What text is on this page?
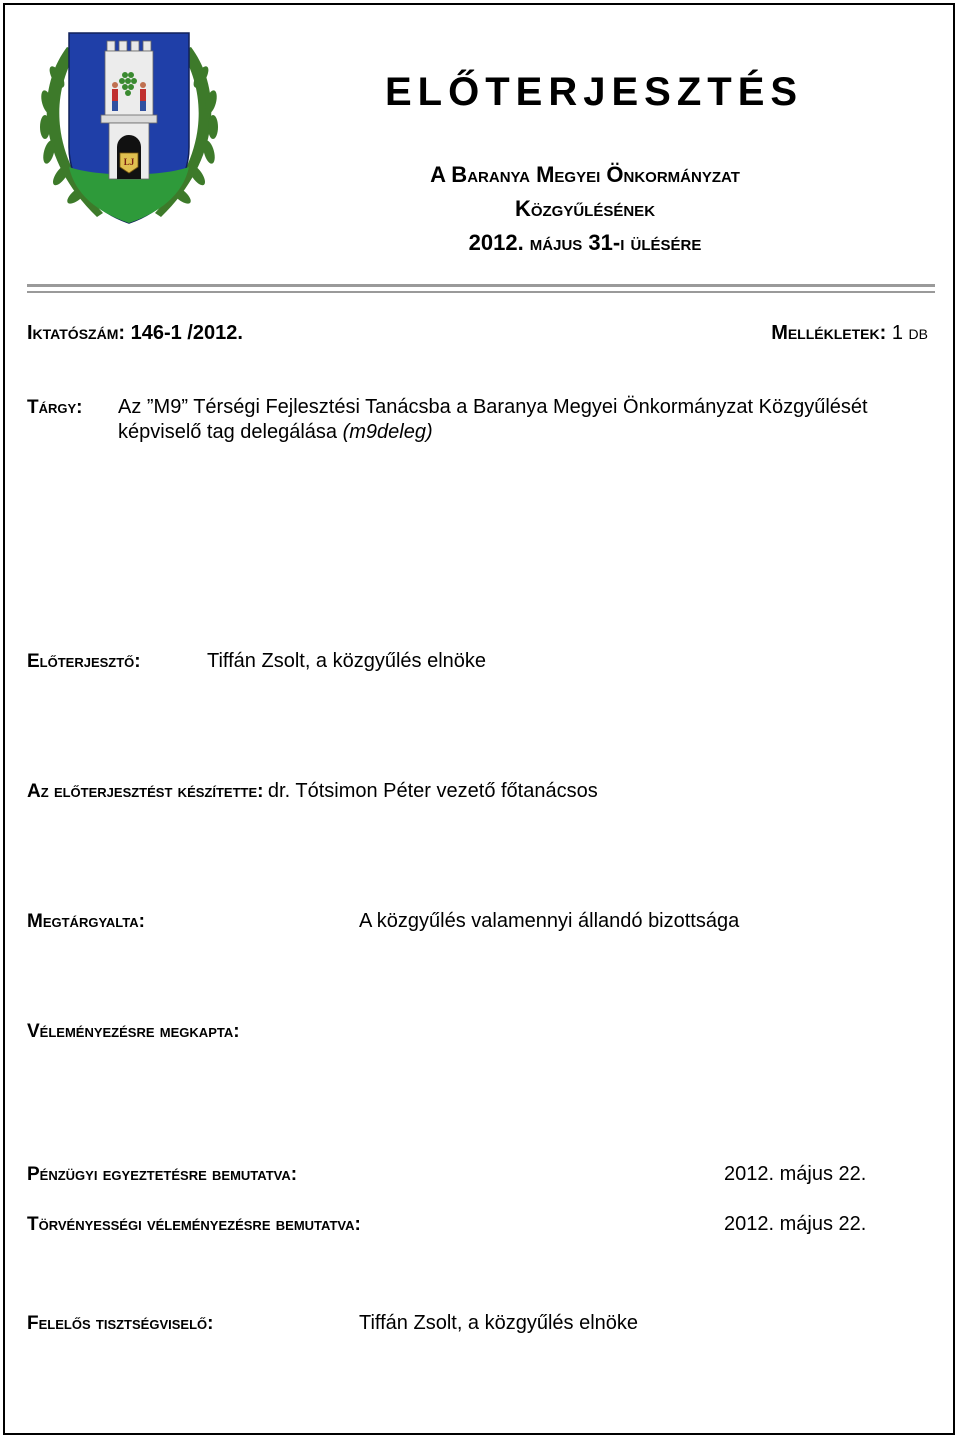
LJ
ELŐTERJESZTÉS
A Baranya Megyei Önkormányzat
Közgyűlésének
2012. május 31-i ülésére
Iktatószám: 146-1 /2012.	Mellékletek: 1 db
Tárgy: Az ”M9” Térségi Fejlesztési Tanácsba a Baranya Megyei Önkormányzat Közgyűlését
képviselő tag delegálása (m9deleg)
Előterjesztő:	Tiffán Zsolt, a közgyűlés elnöke
Az előterjesztést készítette: dr. Tótsimon Péter vezető főtanácsos
Megtárgyalta:	A közgyűlés valamennyi állandó bizottsága
Véleményezésre megkapta:
Pénzügyi egyeztetésre bemutatva:	2012. május 22.
Törvényességi véleményezésre bemutatva:	2012. május 22.
Felelős tisztségviselő:	Tiffán Zsolt, a közgyűlés elnöke
